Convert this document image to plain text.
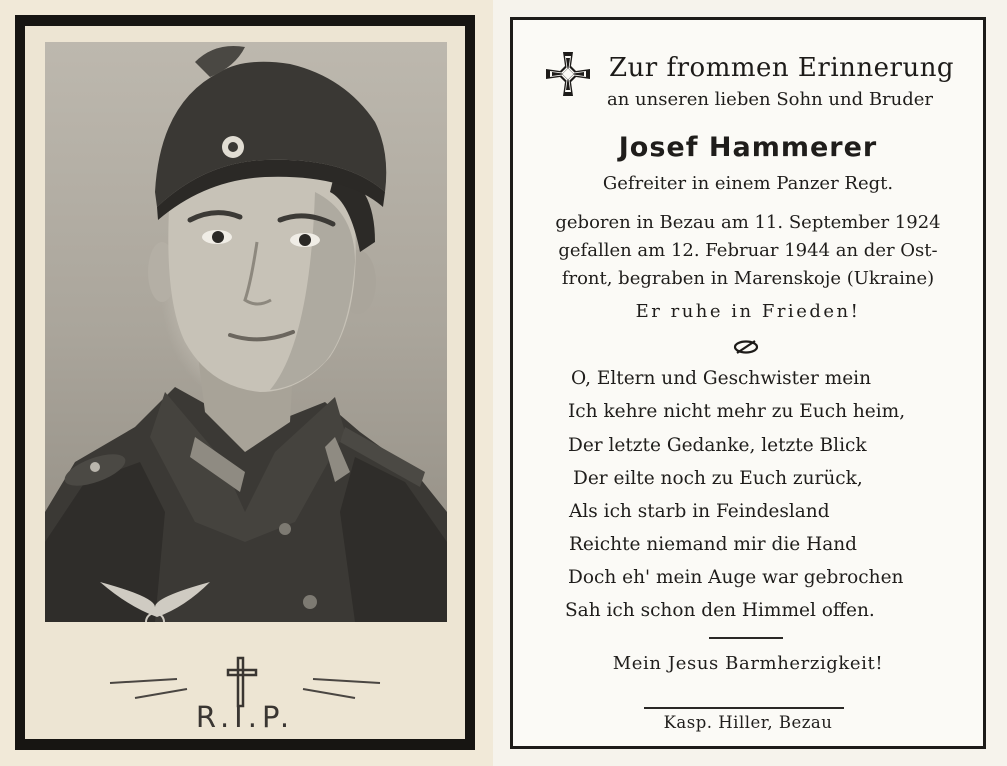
R.I.P.
Zur frommen Erinnerung
an unseren lieben Sohn und Bruder
Josef Hammerer
Gefreiter in einem Panzer Regt.
geboren in Bezau am 11. September 1924
gefallen am 12. Februar 1944 an der Ost-
front, begraben in Marenskoje (Ukraine)
Er ruhe in Frieden!
O, Eltern und Geschwister mein
Ich kehre nicht mehr zu Euch heim,
Der letzte Gedanke, letzte Blick
Der eilte noch zu Euch zurück,
Als ich starb in Feindesland
Reichte niemand mir die Hand
Doch eh' mein Auge war gebrochen
Sah ich schon den Himmel offen.
Mein Jesus Barmherzigkeit!
Kasp. Hiller, Bezau
